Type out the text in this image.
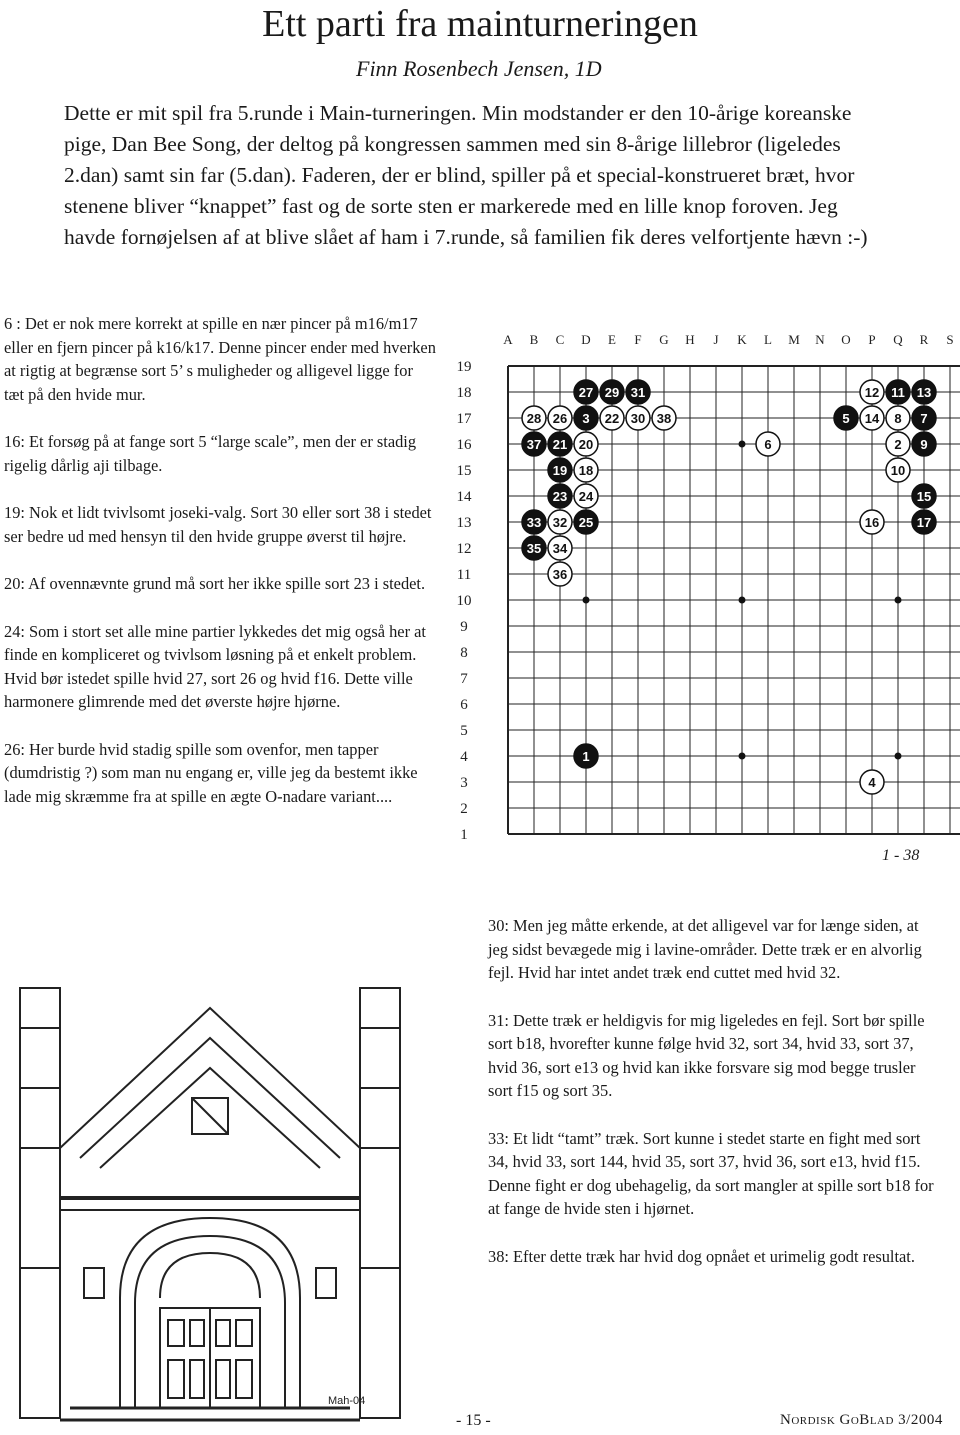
Ett parti fra mainturneringen
Finn Rosenbech Jensen, 1D

Dette er mit spil fra 5.runde i Main-turneringen. Min modstander er den 10-årige koreanske pige, Dan Bee Song, der deltog på kongressen sammen med sin 8-årige lillebror (ligeledes 2.dan) samt sin far (5.dan). Faderen, der er blind, spiller på et special-konstrueret bræt, hvor stenene bliver “knappet” fast og de sorte sten er markerede med en lille knop foroven. Jeg havde fornøjelsen af at blive slået af ham i 7.runde, så familien fik deres velfortjente hævn :-)

6 : Det er nok mere korrekt at spille en nær pincer på m16/m17 eller en fjern pincer på k16/k17. Denne pincer ender med hverken at rigtig at begrænse sort 5’ s muligheder og alligevel ligge for tæt på den hvide mur.

16: Et forsøg på at fange sort 5 “large scale”, men der er stadig rigelig dårlig aji tilbage.

19: Nok et lidt tvivlsomt joseki-valg. Sort 30 eller sort 38 i stedet ser bedre ud med hensyn til den hvide gruppe øverst til højre.

20: Af ovennævnte grund må sort her ikke spille sort 23 i stedet.

24: Som i stort set alle mine partier lykkedes det mig også her at finde en kompliceret og tvivlsom løsning på et enkelt problem. Hvid bør istedet spille hvid 27, sort 26 og hvid f16. Dette ville harmonere glimrende med det øverste højre hjørne.

26: Her burde hvid stadig spille som ovenfor, men tapper (dumdristig ?) som man nu engang er, ville jeg da bestemt ikke lade mig skræmme fra at spille en ægte O-nadare variant....

A B C D E F G H J K L M N O P Q R S
19
18
17
16
15
14
13
12
11
10
9
8
7
6
5
4
3
2
1
1
2
3
4
5
6
7
8
9
10
11
12	13
14
15
16	17
18
19
20
21
22
23 24
25
26
27
28
29
30
31
32
33
34
35
36
37
38
1 - 38

30: Men jeg måtte erkende, at det alligevel var for længe siden, at jeg sidst bevægede mig i lavine-områder. Dette træk er en alvorlig fejl. Hvid har intet andet træk end cuttet med hvid 32.

31: Dette træk er heldigvis for mig ligeledes en fejl. Sort bør spille sort b18, hvorefter kunne følge hvid 32, sort 34, hvid 33, sort 37, hvid 36, sort e13 og hvid kan ikke forsvare sig mod begge trusler sort f15 og sort 35.

33: Et lidt “tamt” træk. Sort kunne i stedet starte en fight med sort 34, hvid 33, sort 144, hvid 35, sort 37, hvid 36, sort e13, hvid f15. Denne fight er dog ubehagelig, da sort mangler at spille sort b18 for at fange de hvide sten i hjørnet.

38: Efter dette træk har hvid dog opnået et urimelig godt resultat.

Mah-04
- 15 -	Nordisk GoBlad 3/2004
